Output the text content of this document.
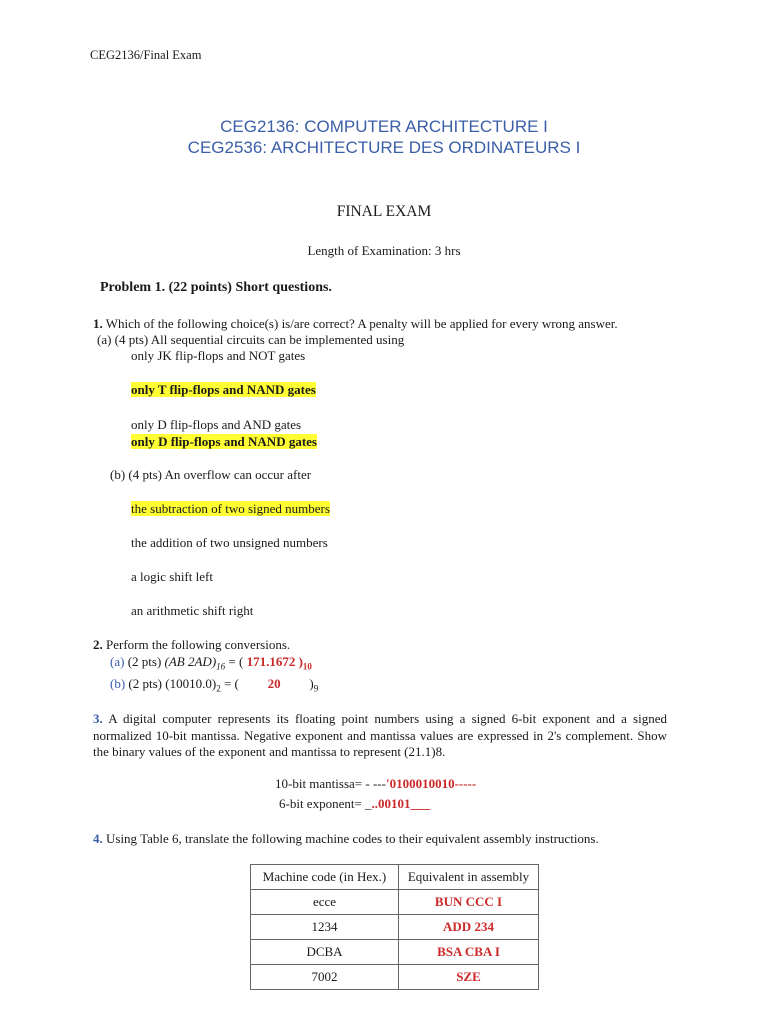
CEG2136/Final Exam
CEG2136: COMPUTER ARCHITECTURE I
CEG2536: ARCHITECTURE DES ORDINATEURS I
FINAL EXAM
Length of Examination: 3 hrs
Problem 1. (22 points) Short questions.
1. Which of the following choice(s) is/are correct? A penalty will be applied for every wrong answer.
(a) (4 pts) All sequential circuits can be implemented using
only JK flip-flops and NOT gates
only T flip-flops and NAND gates
only D flip-flops and AND gates
only D flip-flops and NAND gates
(b) (4 pts) An overflow can occur after
the subtraction of two signed numbers
the addition of two unsigned numbers
a logic shift left
an arithmetic shift right
2. Perform the following conversions.
(a) (2 pts) (AB $2AD)_{16}$ = ( 171.1672 )$_{10}$
(b) (2 pts) $(10010.0)_2$ = ( 20 )$_9$
3. A digital computer represents its floating point numbers using a signed 6-bit exponent and a signed normalized 10-bit mantissa. Negative exponent and mantissa values are expressed in 2's complement. Show the binary values of the exponent and mantissa to represent (21.1)8.
10-bit mantissa= - ---'0100010010-----
6-bit exponent= _..00101___
4. Using Table 6, translate the following machine codes to their equivalent assembly instructions.
Machine code (in Hex.)	Equivalent in assembly
ecce	BUN CCC I
1234	ADD 234
DCBA	BSA CBA I
7002	SZE
